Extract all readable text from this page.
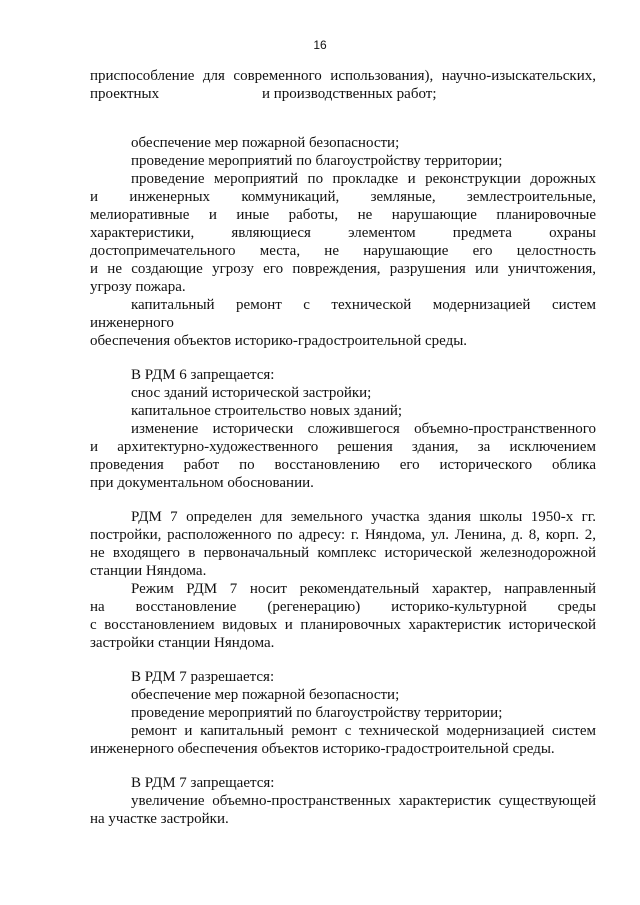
16
приспособление для современного использования), научно-изыскательских,
проектных	и производственных работ;
обеспечение мер пожарной безопасности;
проведение мероприятий по благоустройству территории;
проведение мероприятий по прокладке и реконструкции дорожных
и инженерных коммуникаций, земляные, землестроительные,
мелиоративные и иные работы, не нарушающие планировочные
характеристики, являющиеся элементом предмета охраны
достопримечательного места, не нарушающие его целостность
и не создающие угрозу его повреждения, разрушения или уничтожения,
угрозу пожара.
капитальный ремонт с технической модернизацией систем
инженерного
обеспечения объектов историко-градостроительной среды.
В РДМ 6 запрещается:
снос зданий исторической застройки;
капитальное строительство новых зданий;
изменение исторически сложившегося объемно-пространственного
и архитектурно-художественного решения здания, за исключением
проведения работ по восстановлению его исторического облика
при документальном обосновании.
РДМ 7 определен для земельного участка здания школы 1950-х гг.
постройки, расположенного по адресу: г. Няндома, ул. Ленина, д. 8, корп. 2,
не входящего в первоначальный комплекс исторической железнодорожной
станции Няндома.
Режим РДМ 7 носит рекомендательный характер, направленный
на восстановление (регенерацию) историко-культурной среды
с восстановлением видовых и планировочных характеристик исторической
застройки станции Няндома.
В РДМ 7 разрешается:
обеспечение мер пожарной безопасности;
проведение мероприятий по благоустройству территории;
ремонт и капитальный ремонт с технической модернизацией систем
инженерного обеспечения объектов историко-градостроительной среды.
В РДМ 7 запрещается:
увеличение объемно-пространственных характеристик существующей
на участке застройки.
